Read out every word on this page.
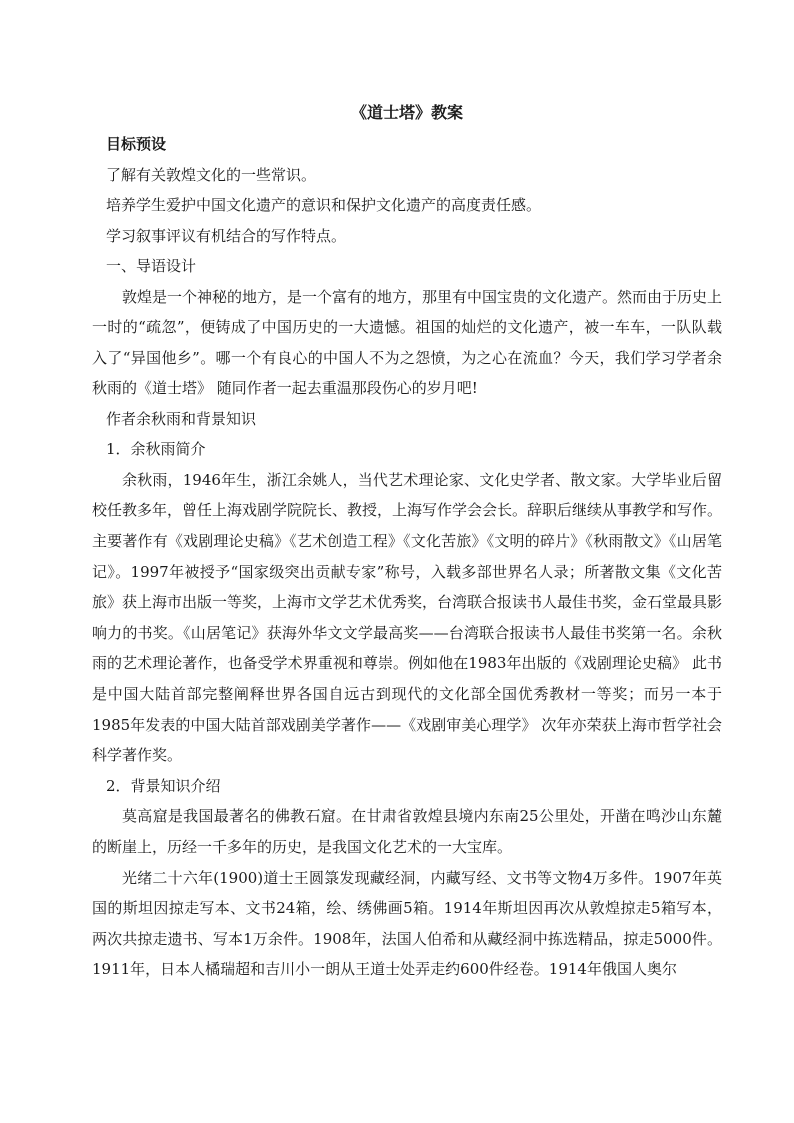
《道士塔》教案

目标预设

了解有关敦煌文化的一些常识。

培养学生爱护中国文化遗产的意识和保护文化遗产的高度责任感。

学习叙事评议有机结合的写作特点。

一、导语设计

敦煌是一个神秘的地方，是一个富有的地方，那里有中国宝贵的文化遗产。然而由于历史上一时的“疏忽”，便铸成了中国历史的一大遗憾。祖国的灿烂的文化遗产，被一车车，一队队载入了“异国他乡”。哪一个有良心的中国人不为之怨愤，为之心在流血？今天，我们学习学者余秋雨的《道士塔》 随同作者一起去重温那段伤心的岁月吧!

作者余秋雨和背景知识

1．余秋雨简介

余秋雨，1946年生，浙江余姚人，当代艺术理论家、文化史学者、散文家。大学毕业后留校任教多年，曾任上海戏剧学院院长、教授，上海写作学会会长。辞职后继续从事教学和写作。主要著作有《戏剧理论史稿》《艺术创造工程》《文化苦旅》《文明的碎片》《秋雨散文》《山居笔记》。1997年被授予“国家级突出贡献专家”称号，入载多部世界名人录；所著散文集《文化苦旅》获上海市出版一等奖，上海市文学艺术优秀奖，台湾联合报读书人最佳书奖，金石堂最具影响力的书奖。《山居笔记》获海外华文文学最高奖——台湾联合报读书人最佳书奖第一名。余秋雨的艺术理论著作，也备受学术界重视和尊崇。例如他在1983年出版的《戏剧理论史稿》 此书是中国大陆首部完整阐释世界各国自远古到现代的文化部全国优秀教材一等奖；而另一本于1985年发表的中国大陆首部戏剧美学著作——《戏剧审美心理学》 次年亦荣获上海市哲学社会科学著作奖。

2．背景知识介绍

莫高窟是我国最著名的佛教石窟。在甘肃省敦煌县境内东南25公里处，开凿在鸣沙山东麓的断崖上，历经一千多年的历史，是我国文化艺术的一大宝库。

光绪二十六年(1900)道士王圆箓发现藏经洞，内藏写经、文书等文物4万多件。1907年英国的斯坦因掠走写本、文书24箱，绘、绣佛画5箱。1914年斯坦因再次从敦煌掠走5箱写本，两次共掠走遗书、写本1万余件。1908年，法国人伯希和从藏经洞中拣选精品，掠走5000件。1911年，日本人橘瑞超和吉川小一朗从王道士处弄走约600件经卷。1914年俄国人奥尔
